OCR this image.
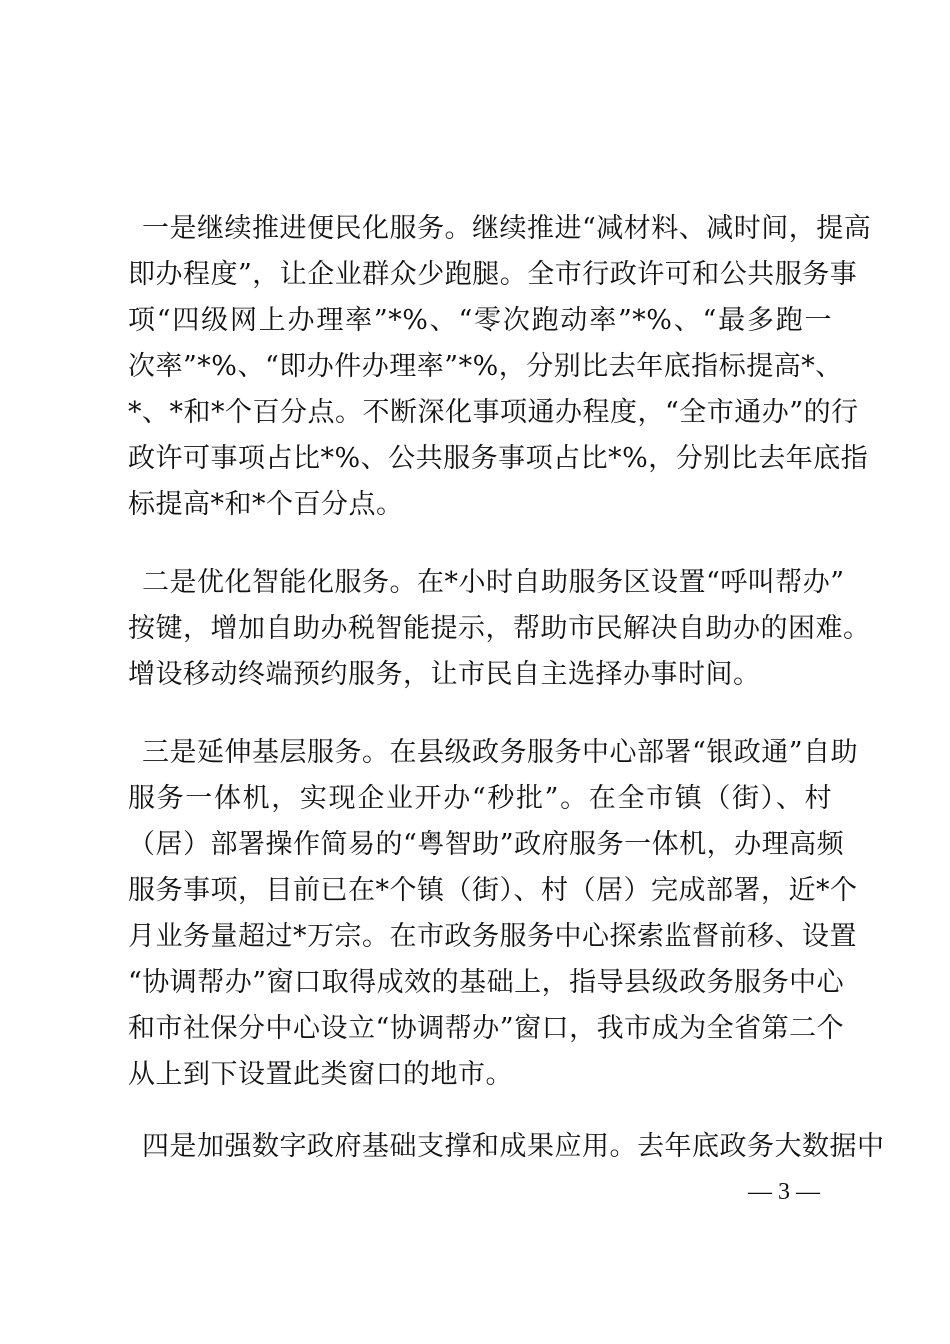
一是继续推进便民化服务。继续推进“减材料、减时间，提高
即办程度”，让企业群众少跑腿。全市行政许可和公共服务事
项“四级网上办理率”*%、“零次跑动率”*%、“最多跑一
次率”*%、“即办件办理率”*%，分别比去年底指标提高*、
*、*和*个百分点。不断深化事项通办程度，“全市通办”的行
政许可事项占比*%、公共服务事项占比*%，分别比去年底指
标提高*和*个百分点。
二是优化智能化服务。在*小时自助服务区设置“呼叫帮办”
按键，增加自助办税智能提示，帮助市民解决自助办的困难。
增设移动终端预约服务，让市民自主选择办事时间。
三是延伸基层服务。在县级政务服务中心部署“银政通”自助
服务一体机，实现企业开办“秒批”。在全市镇（街）、村
（居）部署操作简易的“粤智助”政府服务一体机，办理高频
服务事项，目前已在*个镇（街）、村（居）完成部署，近*个
月业务量超过*万宗。在市政务服务中心探索监督前移、设置
“协调帮办”窗口取得成效的基础上，指导县级政务服务中心
和市社保分中心设立“协调帮办”窗口，我市成为全省第二个
从上到下设置此类窗口的地市。
四是加强数字政府基础支撑和成果应用。去年底政务大数据中
— 3 —
